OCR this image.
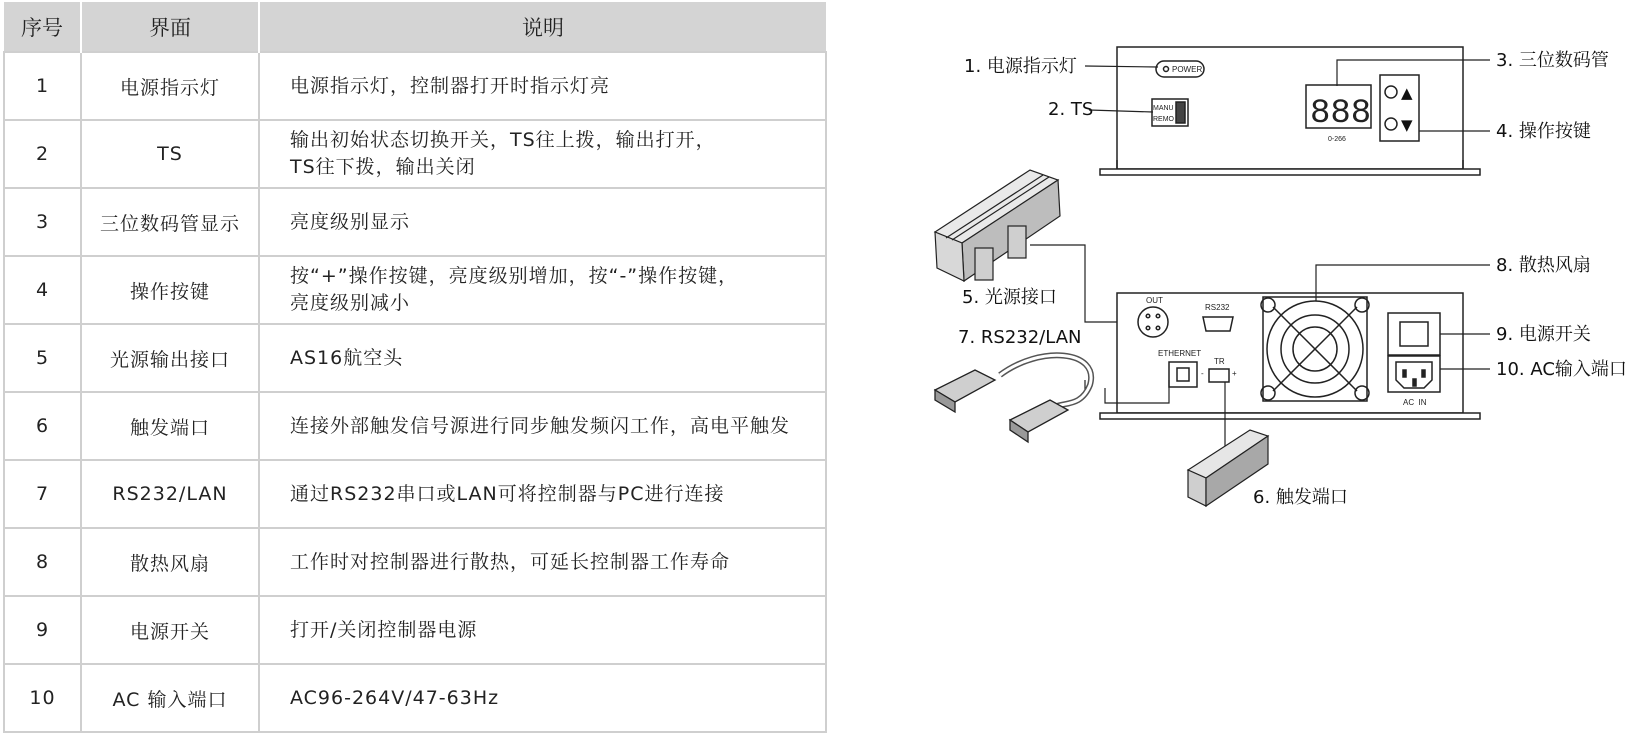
序号	界面	说明
1	电源指示灯	电源指示灯，控制器打开时指示灯亮

2	TS	输出初始状态切换开关，TS往上拨，输出打开，
TS往下拨，输出关闭

3	三位数码管显示	亮度级别显示

4	操作按键	按“+”操作按键，亮度级别增加，按“-”操作按键，
亮度级别减小

5	光源输出接口	AS16航空头

6	触发端口	连接外部触发信号源进行同步触发频闪工作，高电平触发

7	RS232/LAN	通过RS232串口或LAN可将控制器与PC进行连接

8	散热风扇	工作时对控制器进行散热，可延长控制器工作寿命

9	电源开关	打开/关闭控制器电源

10	AC 输入端口	AC96-264V/47-63Hz
POWER
MANU
REMO	888
0-266
▲
▼
1. 电源指示灯
2. TS
3. 三位数码管
4. 操作按键
5. 光源接口	OUT
RS232
ETHERNET
TR
-	+
AC  IN
8. 散热风扇
9. 电源开关
10. AC输入端口
7. RS232/LAN
6. 触发端口
